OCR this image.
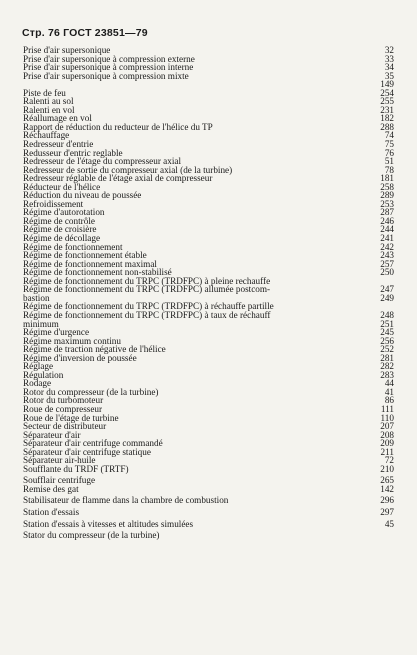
Стр. 76 ГОСТ 23851—79
Prise d'air supersonique	32
Prise d'air supersonique à compression externe	33
Prise d'air supersonique à compression interne	34
Prise d'air supersonique à compression mixte	35
149
Piste de feu	254
Ralenti au sol	255
Ralenti en vol	231
Réallumage en vol	182
Rapport de réduction du reducteur de l'hélice du TP	288
Réchauffage	74
Redresseur d'entrie	75
Redusseur d'entric reglable	76
Redresseur de l'étage du compresseur axial	51
Redresseur de sortie du compresseur axial (de la turbine)	78
Redresseur réglable de l'étage axial de compresseur	181
Réducteur de l'hélice	258
Réduction du niveau de poussée	289
Refroidissement	253
Régime d'autorotation	287
Régime de contrôle	246
Régime de croisière	244
Régime de décollage	241
Régime de fonctionnement	242
Régime de fonctionnement étable	243
Régime de fonctionnement maximal	257
Régime de fonctionnement non-stabilisé	250
Régime de fonctionnement du TRPC (TRDFPC) à pleine rechauffe
Régime de fonctionnement du TRPC (TRDFPC) allumée postcom-	247
bastion	249
Régime de fonctionnement du TRPC (TRDFPC) à réchauffe partille
Régime de fonctionnement du TRPC (TRDFPC) à taux de réchauff	248
minimum	251
Régime d'urgence	245
Régime maximum continu	256
Régime de traction négative de l'hélice	252
Régime d'inversion de poussée	281
Réglage	282
Régulation	283
Rodage	44
Rotor du compresseur (de la turbine)	41
Rotor du turbomoteur	86
Roue de compresseur	111
Roue de l'étage de turbine	110
Secteur de distributeur	207
Séparateur d'air	208
Séparateur d'air centrifuge commandé	209
Séparateur d'air centrifuge statique	211
Séparateur air-huile	72
Soufflante du TRDF (TRTF)	210
Soufflair centrifuge	265
Remise des gat	142
Stabilisateur de flamme dans la chambre de combustion	296
Station d'essais	297
Station d'essais à vitesses et altitudes simulées	45
Stator du compresseur (de la turbine)
